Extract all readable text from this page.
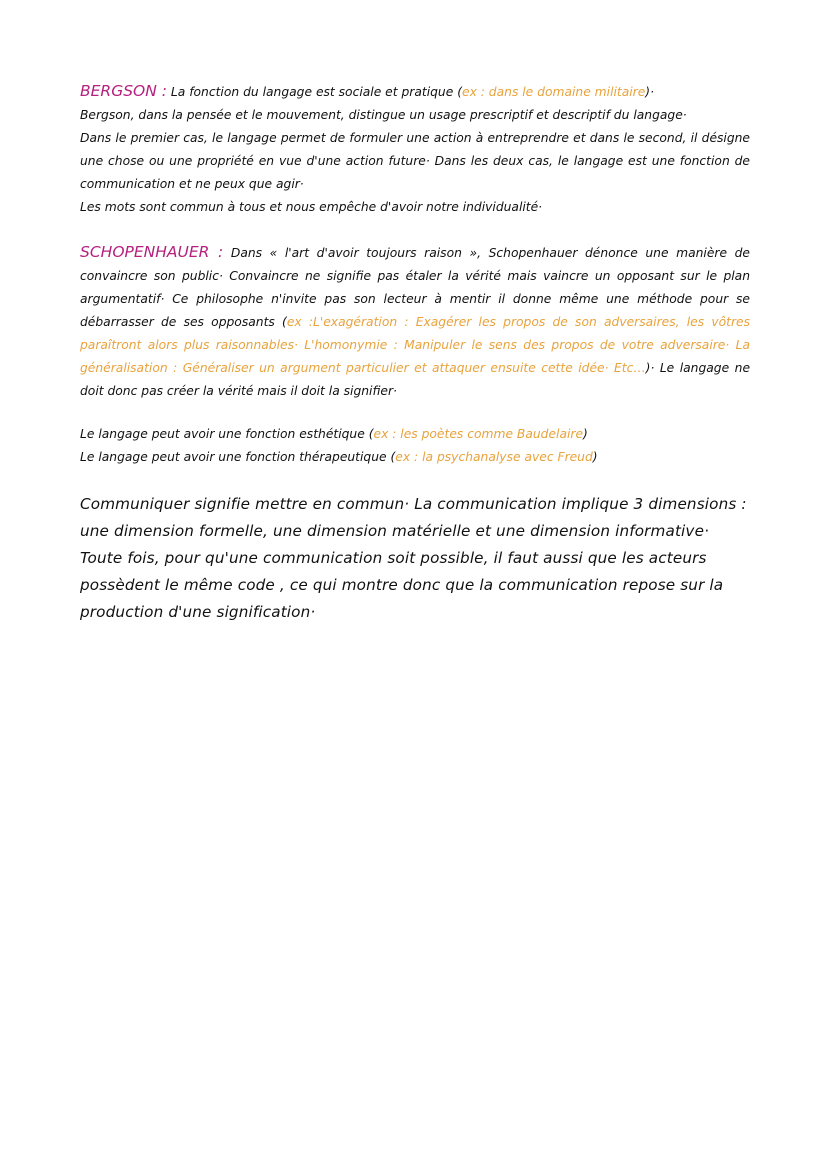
BERGSON : La fonction du langage est sociale et pratique (ex : dans le domaine militaire)·

Bergson, dans la pensée et le mouvement, distingue un usage prescriptif et descriptif du langage·

Dans le premier cas, le langage permet de formuler une action à entreprendre et dans le second, il désigne une chose ou une propriété en vue d'une action future· Dans les deux cas, le langage est une fonction de communication et ne peux que agir·

Les mots sont commun à tous et nous empêche d'avoir notre individualité·

SCHOPENHAUER : Dans « l'art d'avoir toujours raison », Schopenhauer dénonce une manière de convaincre son public· Convaincre ne signifie pas étaler la vérité mais vaincre un opposant sur le plan argumentatif· Ce philosophe n'invite pas son lecteur à mentir il donne même une méthode pour se débarrasser de ses opposants (ex :L'exagération : Exagérer les propos de son adversaires, les vôtres paraîtront alors plus raisonnables· L'homonymie : Manipuler le sens des propos de votre adversaire· La généralisation : Généraliser un argument particulier et attaquer ensuite cette idée· Etc…)· Le langage ne doit donc pas créer la vérité mais il doit la signifier·

Le langage peut avoir une fonction esthétique (ex : les poètes comme Baudelaire)

Le langage peut avoir une fonction thérapeutique (ex : la psychanalyse avec Freud)

Communiquer signifie mettre en commun· La communication implique 3 dimensions : une dimension formelle, une dimension matérielle et une dimension informative· Toute fois, pour qu'une communication soit possible, il faut aussi que les acteurs possèdent le même code , ce qui montre donc que la communication repose sur la production d'une signification·
